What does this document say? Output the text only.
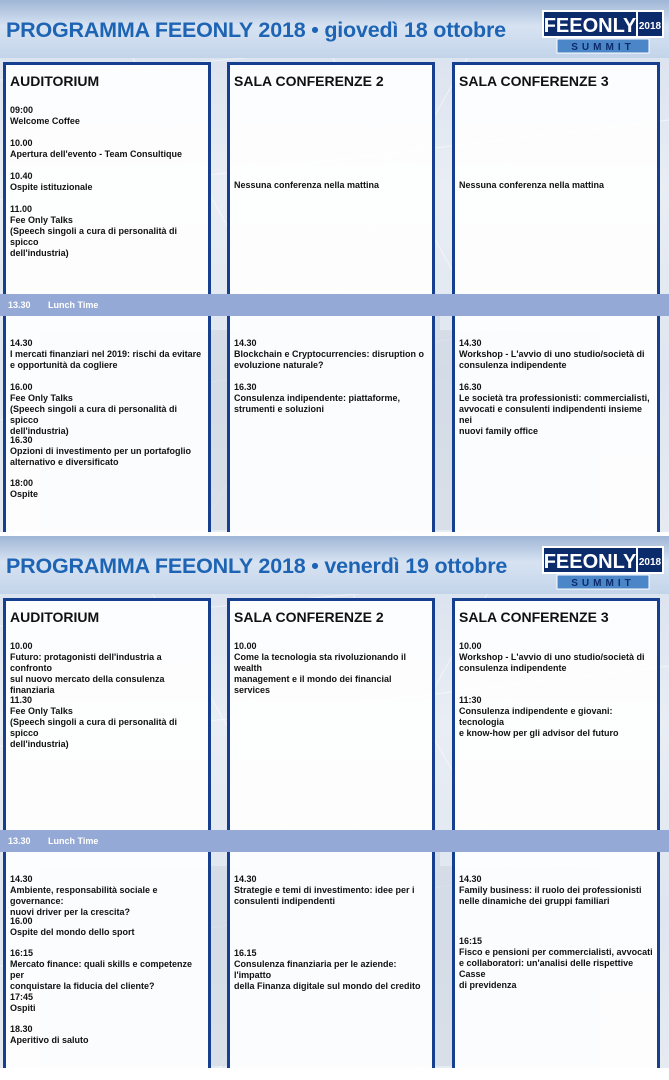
PROGRAMMA FEEONLY 2018 • giovedì 18 ottobre FEEONLY 2018
SUMMIT
AUDITORIUM
09:00
Welcome Coffee
10.00
Apertura dell'evento - Team Consultique
10.40
Ospite istituzionale
11.00
Fee Only Talks
(Speech singoli a cura di personalità di spicco
dell'industria)
SALA CONFERENZE 2
Nessuna conferenza nella mattina
SALA CONFERENZE 3
Nessuna conferenza nella mattina
13.30 Lunch Time
14.30
I mercati finanziari nel 2019: rischi da evitare
e opportunità da cogliere
16.00
Fee Only Talks
(Speech singoli a cura di personalità di spicco
dell'industria)
16.30
Opzioni di investimento per un portafoglio
alternativo e diversificato
18:00
Ospite
14.30
Blockchain e Cryptocurrencies: disruption o
evoluzione naturale?
16.30
Consulenza indipendente: piattaforme,
strumenti e soluzioni
14.30
Workshop - L'avvio di uno studio/società di
consulenza indipendente
16.30
Le società tra professionisti: commercialisti,
avvocati e consulenti indipendenti insieme nei
nuovi family office
PROGRAMMA FEEONLY 2018 • venerdì 19 ottobre FEEONLY 2018
SUMMIT
AUDITORIUM
10.00
Futuro: protagonisti dell'industria a confronto
sul nuovo mercato della consulenza finanziaria
11.30
Fee Only Talks
(Speech singoli a cura di personalità di spicco
dell'industria)
SALA CONFERENZE 2
10.00
Come la tecnologia sta rivoluzionando il wealth
management e il mondo dei financial services
SALA CONFERENZE 3
10.00
Workshop - L'avvio di uno studio/società di
consulenza indipendente
11:30
Consulenza indipendente e giovani: tecnologia
e know-how per gli advisor del futuro
13.30 Lunch Time
14.30
Ambiente, responsabilità sociale e governance:
nuovi driver per la crescita?
16.00
Ospite del mondo dello sport
16:15
Mercato finance: quali skills e competenze per
conquistare la fiducia del cliente?
17:45
Ospiti
18.30
Aperitivo di saluto
14.30
Strategie e temi di investimento: idee per i
consulenti indipendenti
16.15
Consulenza finanziaria per le aziende: l'impatto
della Finanza digitale sul mondo del credito
14.30
Family business: il ruolo dei professionisti
nelle dinamiche dei gruppi familiari
16:15
Fisco e pensioni per commercialisti, avvocati
e collaboratori: un'analisi delle rispettive Casse
di previdenza
